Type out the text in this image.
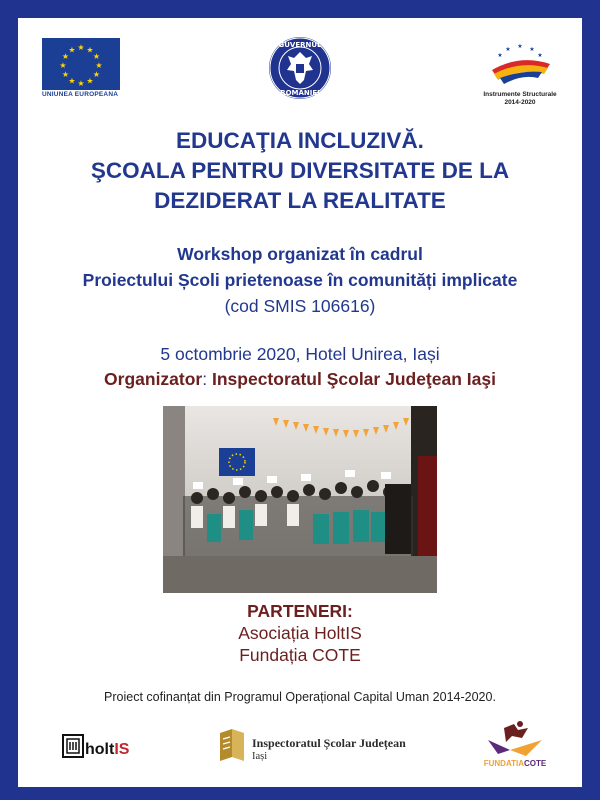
★ ★
★
★
★
★
★
★
★
★
★
★
UNIUNEA EUROPEANA
GUVERNUL
ROMÂNIEI
★
★	★
★	★
Instrumente Structurale
2014-2020
EDUCAŢIA INCLUZIVĂ.
ŞCOALA PENTRU DIVERSITATE DE LA
DEZIDERAT LA REALITATE
Workshop organizat în cadrul
Proiectului Școli prietenoase în comunități implicate
(cod SMIS 106616)
5 octombrie 2020, Hotel Unirea, Iași
Organizator: Inspectoratul Şcolar Judeţean Iaşi
PARTENERI:
Asociația HoltIS
Fundația COTE
Proiect cofinanțat din Programul Operațional Capital Uman 2014-2020.
holtIS	Inspectoratul Școlar Județean
Iași
FUNDATIACOTE
